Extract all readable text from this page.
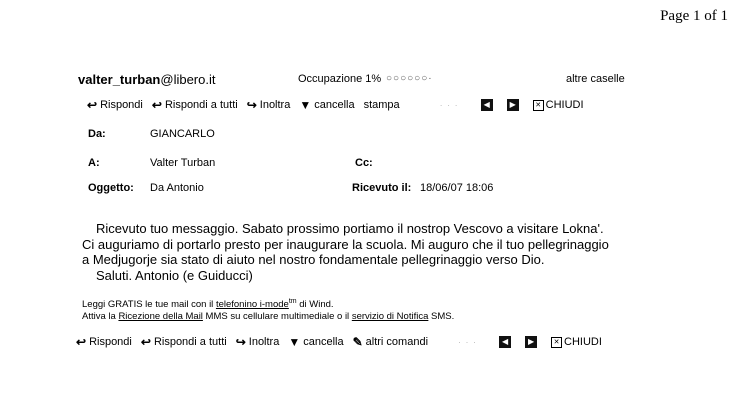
Page 1 of 1
valter_turban@libero.it	Occupazione 1% ○○○○○○·	altre caselle
↩ Rispondi ↩ Rispondi a tutti ↪ Inoltra ▼ cancella stampa	· · ·	◀	▶	✕ CHIUDI
Da:	GIANCARLO
A:	Valter Turban	Cc:
Oggetto: Da Antonio	Ricevuto il: 18/06/07 18:06
Ricevuto tuo messaggio. Sabato prossimo portiamo il nostrop Vescovo a visitare Lokna'.
Ci auguriamo di portarlo presto per inaugurare la scuola. Mi auguro che il tuo pellegrinaggio
a Medjugorje sia stato di aiuto nel nostro fondamentale pellegrinaggio verso Dio.
Saluti. Antonio (e Guiducci)
Leggi GRATIS le tue mail con il telefonino i-mode$^{tm}$ di Wind.
Attiva la Ricezione della Mail MMS su cellulare multimediale o il servizio di Notifica SMS.
↩ Rispondi ↩ Rispondi a tutti ↪ Inoltra ▼ cancella ✎ altri comandi	· · ·	◀	▶	✕ CHIUDI
